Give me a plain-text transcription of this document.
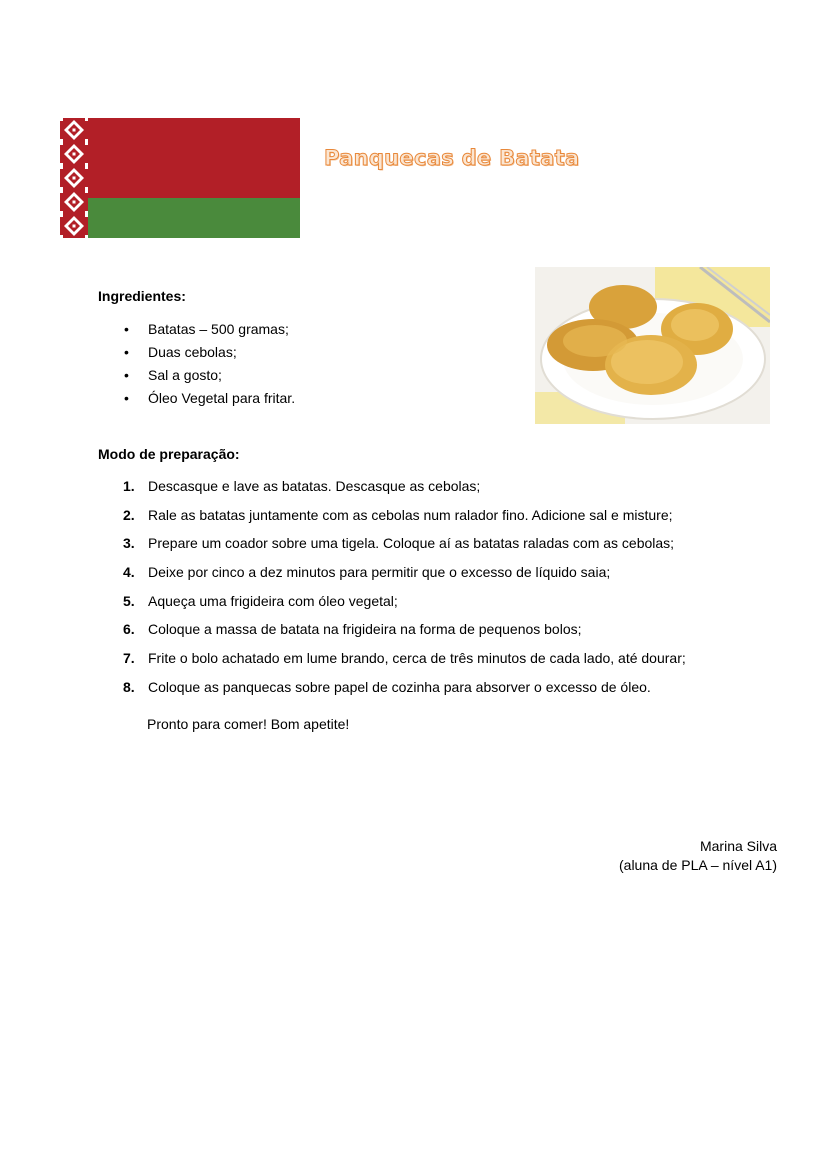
Panquecas de Batata
Ingredientes:
• Batatas – 500 gramas;
• Duas cebolas;
• Sal a gosto;
• Óleo Vegetal para fritar.
Modo de preparação:
1. Descasque e lave as batatas. Descasque as cebolas;
2. Rale as batatas juntamente com as cebolas num ralador fino. Adicione sal e misture;
3. Prepare um coador sobre uma tigela. Coloque aí as batatas raladas com as cebolas;
4. Deixe por cinco a dez minutos para permitir que o excesso de líquido saia;
5. Aqueça uma frigideira com óleo vegetal;
6. Coloque a massa de batata na frigideira na forma de pequenos bolos;
7. Frite o bolo achatado em lume brando, cerca de três minutos de cada lado, até dourar;
8. Coloque as panquecas sobre papel de cozinha para absorver o excesso de óleo.
Pronto para comer! Bom apetite!
Marina Silva
(aluna de PLA – nível A1)
